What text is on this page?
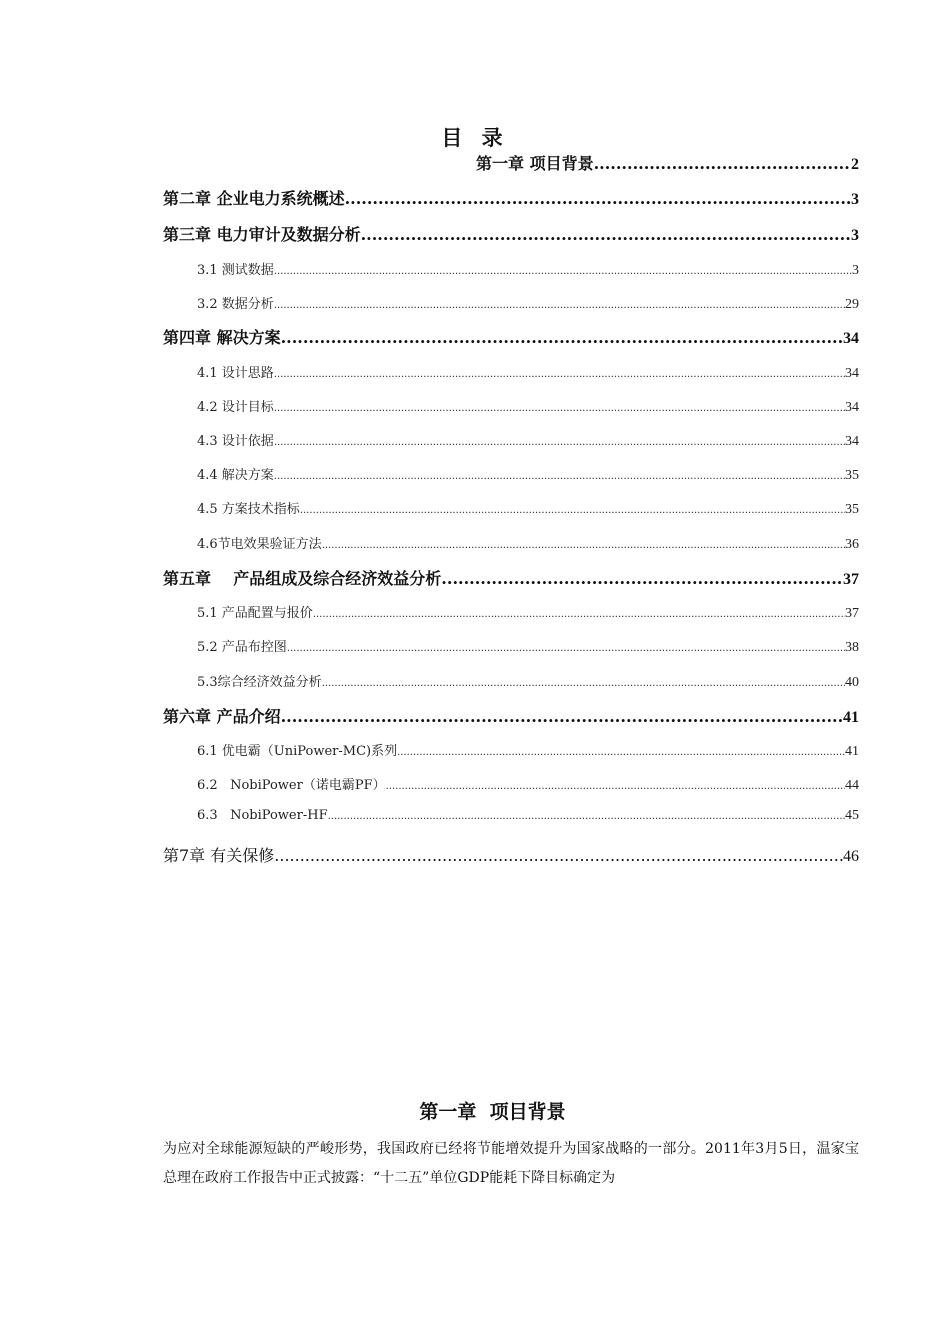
目 录
第一章 项目背景 .....	2
第二章 企业电力系统概述 .....	3
第三章 电力审计及数据分析 .....	3
3.1 测试数据 .....	3
3.2 数据分析 .....	29
第四章 解决方案 .....	34
4.1 设计思路 .....	34
4.2 设计目标 .....	34
4.3 设计依据 .....	34
4.4 解决方案 .....	35
4.5 方案技术指标 .....	35
4.6节电效果验证方法 .....	36
第五章    产品组成及综合经济效益分析 .....	37
5.1 产品配置与报价 .....	37
5.2 产品布控图 .....	38
5.3综合经济效益分析 .....	40
第六章 产品介绍 .....	41
6.1 优电霸（UniPower-MC)系列 .....	41
6.2   NobiPower（诺电霸PF） .....	44
6.3   NobiPower-HF .....	45
第7章 有关保修 .....	46
第一章  项目背景
为应对全球能源短缺的严峻形势，我国政府已经将节能增效提升为国家战略的一部分。2011年3月5日，温家宝总理在政府工作报告中正式披露：“十二五”单位GDP能耗下降目标确定为
